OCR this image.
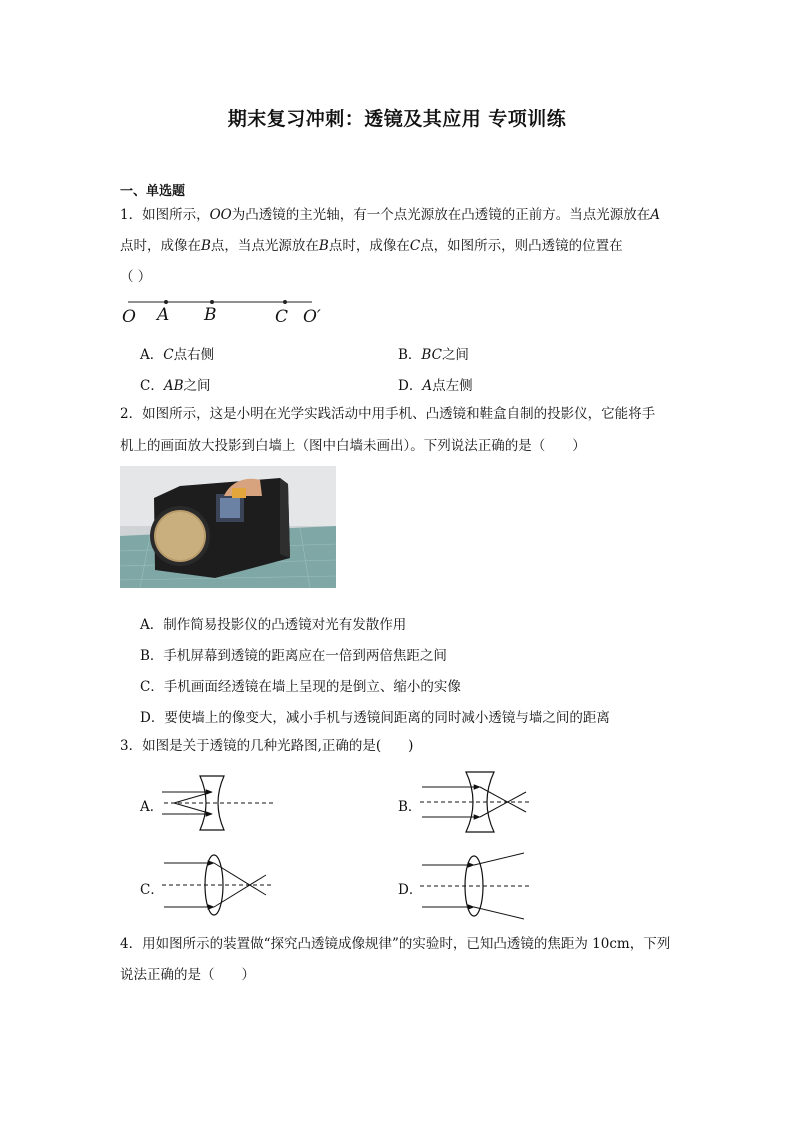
期末复习冲刺：透镜及其应用 专项训练
一、单选题
1．如图所示，OO为凸透镜的主光轴，有一个点光源放在凸透镜的正前方。当点光源放在A
点时，成像在B点，当点光源放在B点时，成像在C点，如图所示，则凸透镜的位置在
（ ）
O A B	C O′
A．C点右侧	B．BC之间
C．AB之间	D．A点左侧
2．如图所示，这是小明在光学实践活动中用手机、凸透镜和鞋盒自制的投影仪，它能将手
机上的画面放大投影到白墙上（图中白墙未画出）。下列说法正确的是（　　）
A．制作简易投影仪的凸透镜对光有发散作用
B．手机屏幕到透镜的距离应在一倍到两倍焦距之间
C．手机画面经透镜在墙上呈现的是倒立、缩小的实像
D．要使墙上的像变大，减小手机与透镜间距离的同时减小透镜与墙之间的距离
3．如图是关于透镜的几种光路图,正确的是(　　)
A．	B．
C．	D．
4．用如图所示的装置做“探究凸透镜成像规律”的实验时，已知凸透镜的焦距为 10cm，下列
说法正确的是（　　）
